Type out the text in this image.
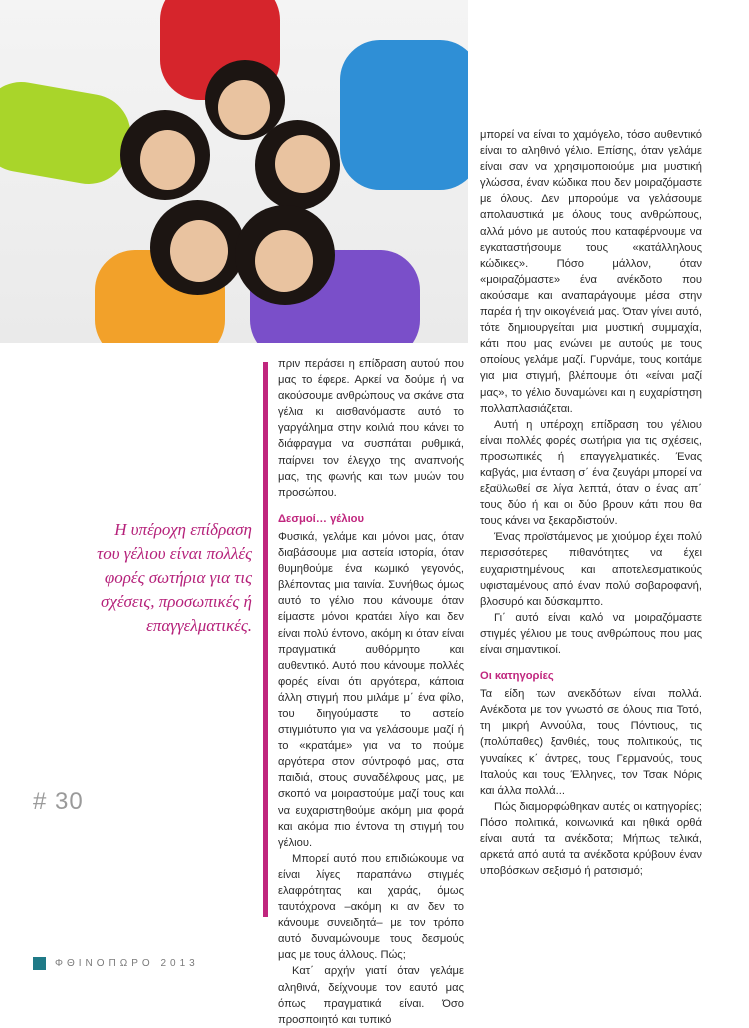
Η υπέροχη επίδραση του γέλιου είναι πολλές φορές σωτήρια για τις σχέσεις, προσωπικές ή επαγγελματικές.

πριν περάσει η επίδραση αυτού που μας το έφερε. Αρκεί να δούμε ή να ακούσουμε ανθρώπους να σκάνε στα γέλια κι αισθανόμαστε αυτό το γαργάλημα στην κοιλιά που κάνει το διάφραγμα να συσπάται ρυθμικά, παίρνει τον έλεγχο της αναπνοής μας, της φωνής και των μυών του προσώπου.

Δεσμοί… γέλιου

Φυσικά, γελάμε και μόνοι μας, όταν διαβάσουμε μια αστεία ιστορία, όταν θυμηθούμε ένα κωμικό γεγονός, βλέποντας μια ταινία. Συνήθως όμως αυτό το γέλιο που κάνουμε όταν είμαστε μόνοι κρατάει λίγο και δεν είναι πολύ έντονο, ακόμη κι όταν είναι πραγματικά αυθόρμητο και αυθεντικό. Αυτό που κάνουμε πολλές φορές είναι ότι αργότερα, κάποια άλλη στιγμή που μιλάμε μ΄ ένα φίλο, του διηγούμαστε το αστείο στιγμιότυπο για να γελάσουμε μαζί ή το «κρατάμε» για να το πούμε αργότερα στον σύντροφό μας, στα παιδιά, στους συναδέλφους μας, με σκοπό να μοιραστούμε μαζί τους και να ευχαριστηθούμε ακόμη μια φορά και ακόμα πιο έντονα τη στιγμή του γέλιου.

Μπορεί αυτό που επιδιώκουμε να είναι λίγες παραπάνω στιγμές ελαφρότητας και χαράς, όμως ταυτόχρονα –ακόμη κι αν δεν το κάνουμε συνειδητά– με τον τρόπο αυτό δυναμώνουμε τους δεσμούς μας με τους άλλους. Πώς;

Κατ΄ αρχήν γιατί όταν γελάμε αληθινά, δείχνουμε τον εαυτό μας όπως πραγματικά είναι. Όσο προσποιητό και τυπικό

μπορεί να είναι το χαμόγελο, τόσο αυθεντικό είναι το αληθινό γέλιο. Επίσης, όταν γελάμε είναι σαν να χρησιμοποιούμε μια μυστική γλώσσα, έναν κώδικα που δεν μοιραζόμαστε με όλους. Δεν μπορούμε να γελάσουμε απολαυστικά με όλους τους ανθρώπους, αλλά μόνο με αυτούς που καταφέρνουμε να εγκαταστήσουμε τους «κατάλληλους κώδικες». Πόσο μάλλον, όταν «μοιραζόμαστε» ένα ανέκδοτο που ακούσαμε και αναπαράγουμε μέσα στην παρέα ή την οικογένειά μας. Όταν γίνει αυτό, τότε δημιουργείται μια μυστική συμμαχία, κάτι που μας ενώνει με αυτούς με τους οποίους γελάμε μαζί. Γυρνάμε, τους κοιτάμε για μια στιγμή, βλέπουμε ότι «είναι μαζί μας», το γέλιο δυναμώνει και η ευχαρίστηση πολλαπλασιάζεται.

Αυτή η υπέροχη επίδραση του γέλιου είναι πολλές φορές σωτήρια για τις σχέσεις, προσωπικές ή επαγγελματικές. Ένας καβγάς, μια ένταση σ΄ ένα ζευγάρι μπορεί να εξαϋλωθεί σε λίγα λεπτά, όταν ο ένας απ΄ τους δύο ή και οι δύο βρουν κάτι που θα τους κάνει να ξεκαρδιστούν.

Ένας προϊστάμενος με χιούμορ έχει πολύ περισσότερες πιθανότητες να έχει ευχαριστημένους και αποτελεσματικούς υφισταμένους από έναν πολύ σοβαροφανή, βλοσυρό και δύσκαμπτο.

Γι΄ αυτό είναι καλό να μοιραζόμαστε στιγμές γέλιου με τους ανθρώπους που μας είναι σημαντικοί.

Οι κατηγορίες

Τα είδη των ανεκδότων είναι πολλά. Ανέκδοτα με τον γνωστό σε όλους πια Τοτό, τη μικρή Αννούλα, τους Πόντιους, τις (πολύπαθες) ξανθιές, τους πολιτικούς, τις γυναίκες κ΄ άντρες, τους Γερμανούς, τους Ιταλούς και τους Έλληνες, τον Τσακ Νόρις και άλλα πολλά...

Πώς διαμορφώθηκαν αυτές οι κατηγορίες; Πόσο πολιτικά, κοινωνικά και ηθικά ορθά είναι αυτά τα ανέκδοτα; Μήπως τελικά, αρκετά από αυτά τα ανέκδοτα κρύβουν έναν υποβόσκων σεξισμό ή ρατσισμό;

# 30
ΦΘΙΝΟΠΩΡΟ 2013
